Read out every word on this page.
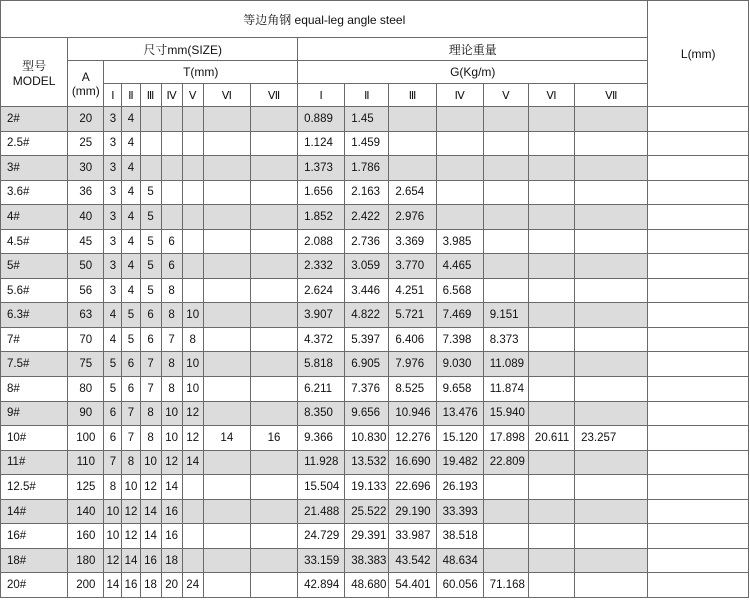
等边角钢 equal-leg angle steel																L(mm)
型号
MODEL	尺寸mm(SIZE)								理论重量							
	A
(mm)	T(mm)							G(Kg/m)							
		Ⅰ	Ⅱ	Ⅲ	Ⅳ	Ⅴ	Ⅵ	Ⅶ	Ⅰ	Ⅱ	Ⅲ	Ⅳ	Ⅴ	Ⅵ	Ⅶ	
2#	20	3	4						0.889	1.45						
2.5#	25	3	4						1.124	1.459						
3#	30	3	4						1.373	1.786						
3.6#	36	3	4	5					1.656	2.163	2.654					
4#	40	3	4	5					1.852	2.422	2.976					
4.5#	45	3	4	5	6				2.088	2.736	3.369	3.985				
5#	50	3	4	5	6				2.332	3.059	3.770	4.465				
5.6#	56	3	4	5	8				2.624	3.446	4.251	6.568				
6.3#	63	4	5	6	8	10			3.907	4.822	5.721	7.469	9.151			
7#	70	4	5	6	7	8			4.372	5.397	6.406	7.398	8.373			
7.5#	75	5	6	7	8	10			5.818	6.905	7.976	9.030	11.089			
8#	80	5	6	7	8	10			6.211	7.376	8.525	9.658	11.874			
9#	90	6	7	8	10	12			8.350	9.656	10.946	13.476	15.940			
10#	100	6	7	8	10	12	14	16	9.366	10.830	12.276	15.120	17.898	20.611	23.257	
11#	110	7	8	10	12	14			11.928	13.532	16.690	19.482	22.809			
12.5#	125	8	10	12	14				15.504	19.133	22.696	26.193				
14#	140	10	12	14	16				21.488	25.522	29.190	33.393				
16#	160	10	12	14	16				24.729	29.391	33.987	38.518				
18#	180	12	14	16	18				33.159	38.383	43.542	48.634				
20#	200	14	16	18	20	24			42.894	48.680	54.401	60.056	71.168			
